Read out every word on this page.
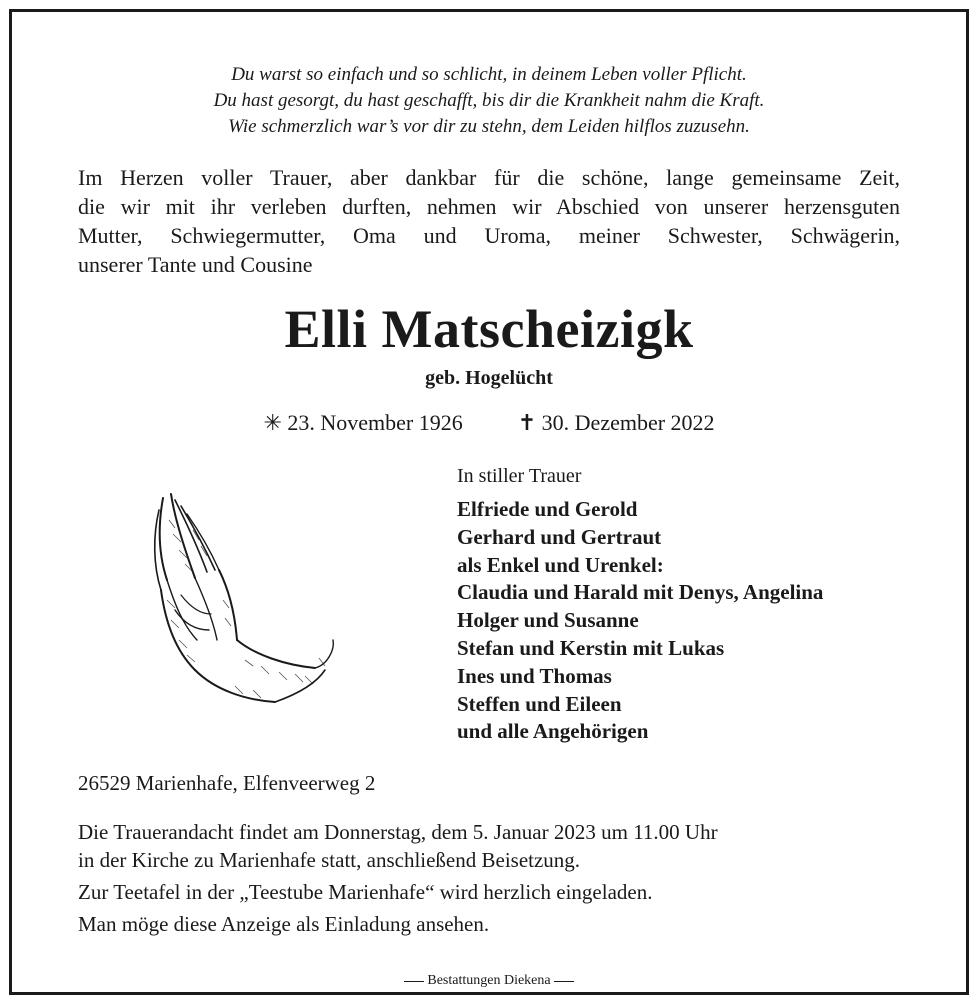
Du warst so einfach und so schlicht, in deinem Leben voller Pflicht.
Du hast gesorgt, du hast geschafft, bis dir die Krankheit nahm die Kraft.
Wie schmerzlich war’s vor dir zu stehn, dem Leiden hilflos zuzusehn.
Im Herzen voller Trauer, aber dankbar für die schöne, lange gemeinsame Zeit,
die wir mit ihr verleben durften, nehmen wir Abschied von unserer herzensguten
Mutter, Schwiegermutter, Oma und Uroma, meiner Schwester, Schwägerin,
unserer Tante und Cousine
Elli Matscheizigk
geb. Hogelücht
✳ 23. November 1926	✝ 30. Dezember 2022
In stiller Trauer
Elfriede und Gerold
Gerhard und Gertraut
als Enkel und Urenkel:
Claudia und Harald mit Denys, Angelina
Holger und Susanne
Stefan und Kerstin mit Lukas
Ines und Thomas
Steffen und Eileen
und alle Angehörigen
26529 Marienhafe, Elfenveerweg 2
Die Trauerandacht findet am Donnerstag, dem 5. Januar 2023 um 11.00 Uhr
in der Kirche zu Marienhafe statt, anschließend Beisetzung.
Zur Teetafel in der „Teestube Marienhafe“ wird herzlich eingeladen.
Man möge diese Anzeige als Einladung ansehen.
Bestattungen Diekena
